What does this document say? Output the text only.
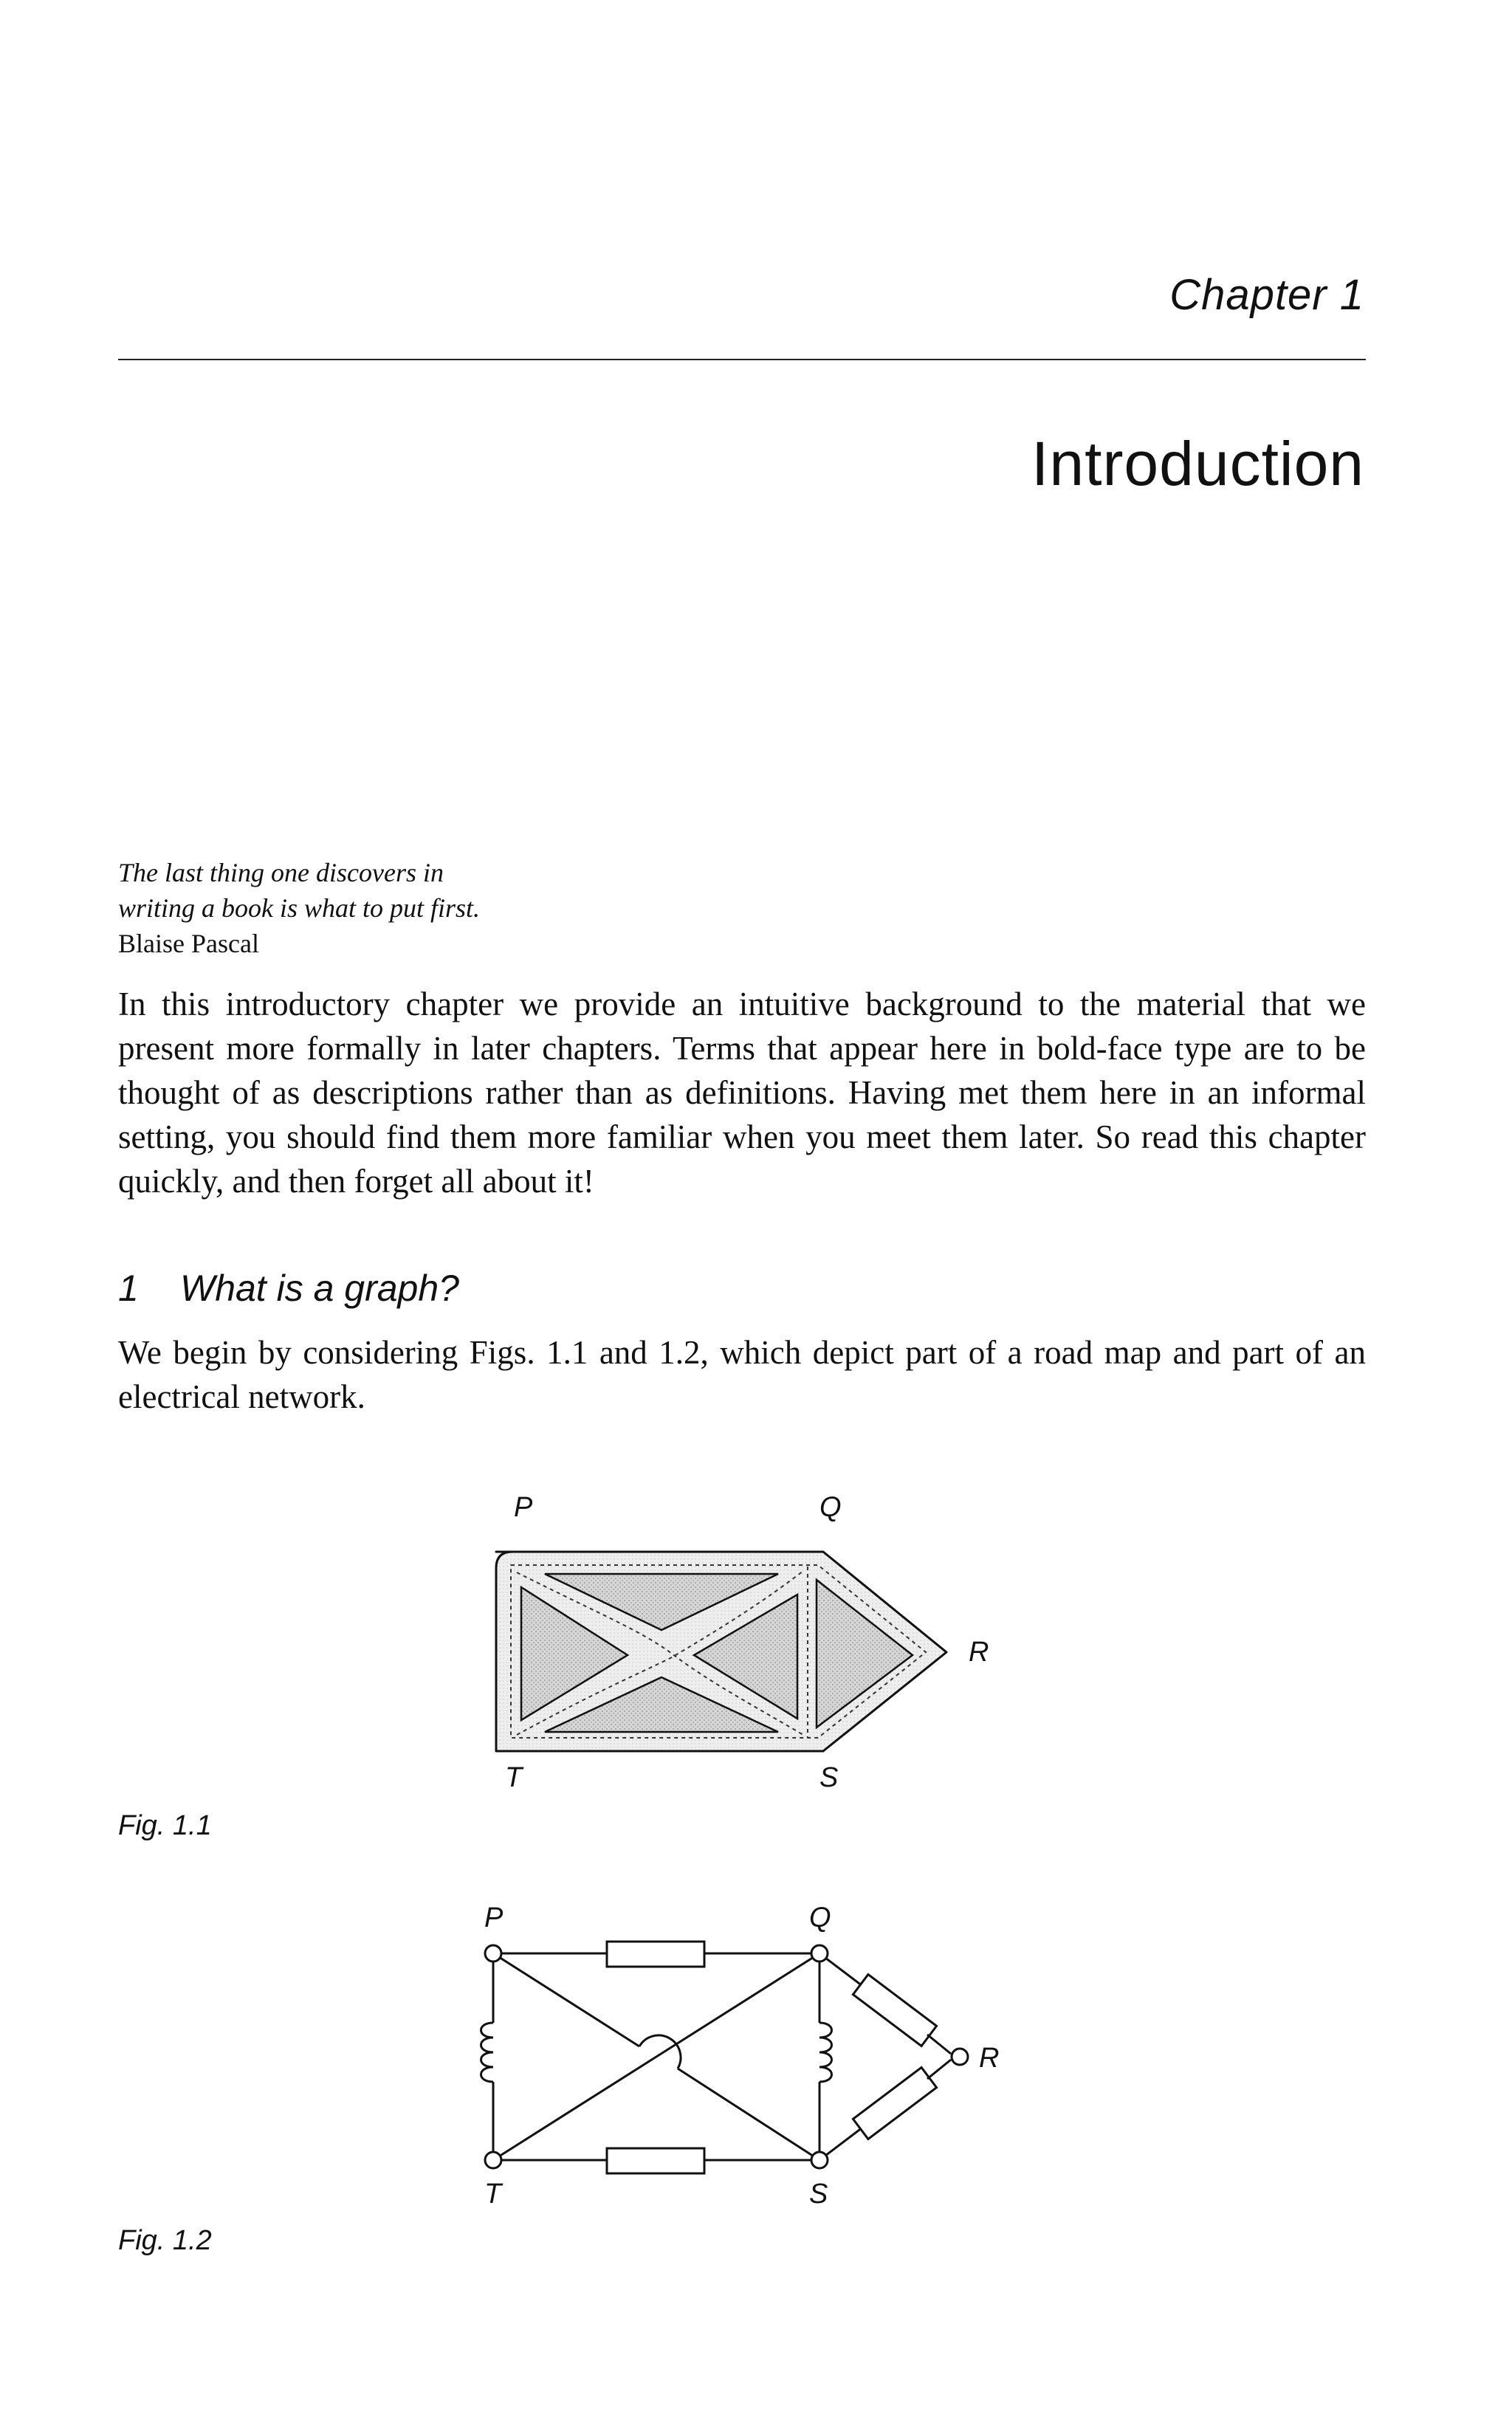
Chapter 1
Introduction
The last thing one discovers in
writing a book is what to put first.
Blaise Pascal

In this introductory chapter we provide an intuitive background to the material that we present more formally in later chapters. Terms that appear here in bold-face type are to be thought of as descriptions rather than as definitions. Having met them here in an informal setting, you should find them more familiar when you meet them later. So read this chapter quickly, and then forget all about it!

1 What is a graph?

We begin by considering Figs. 1.1 and 1.2, which depict part of a road map and part of an electrical network.

P	Q
R
S
T
Fig. 1.1
P	Q
R
S
T
Fig. 1.2
